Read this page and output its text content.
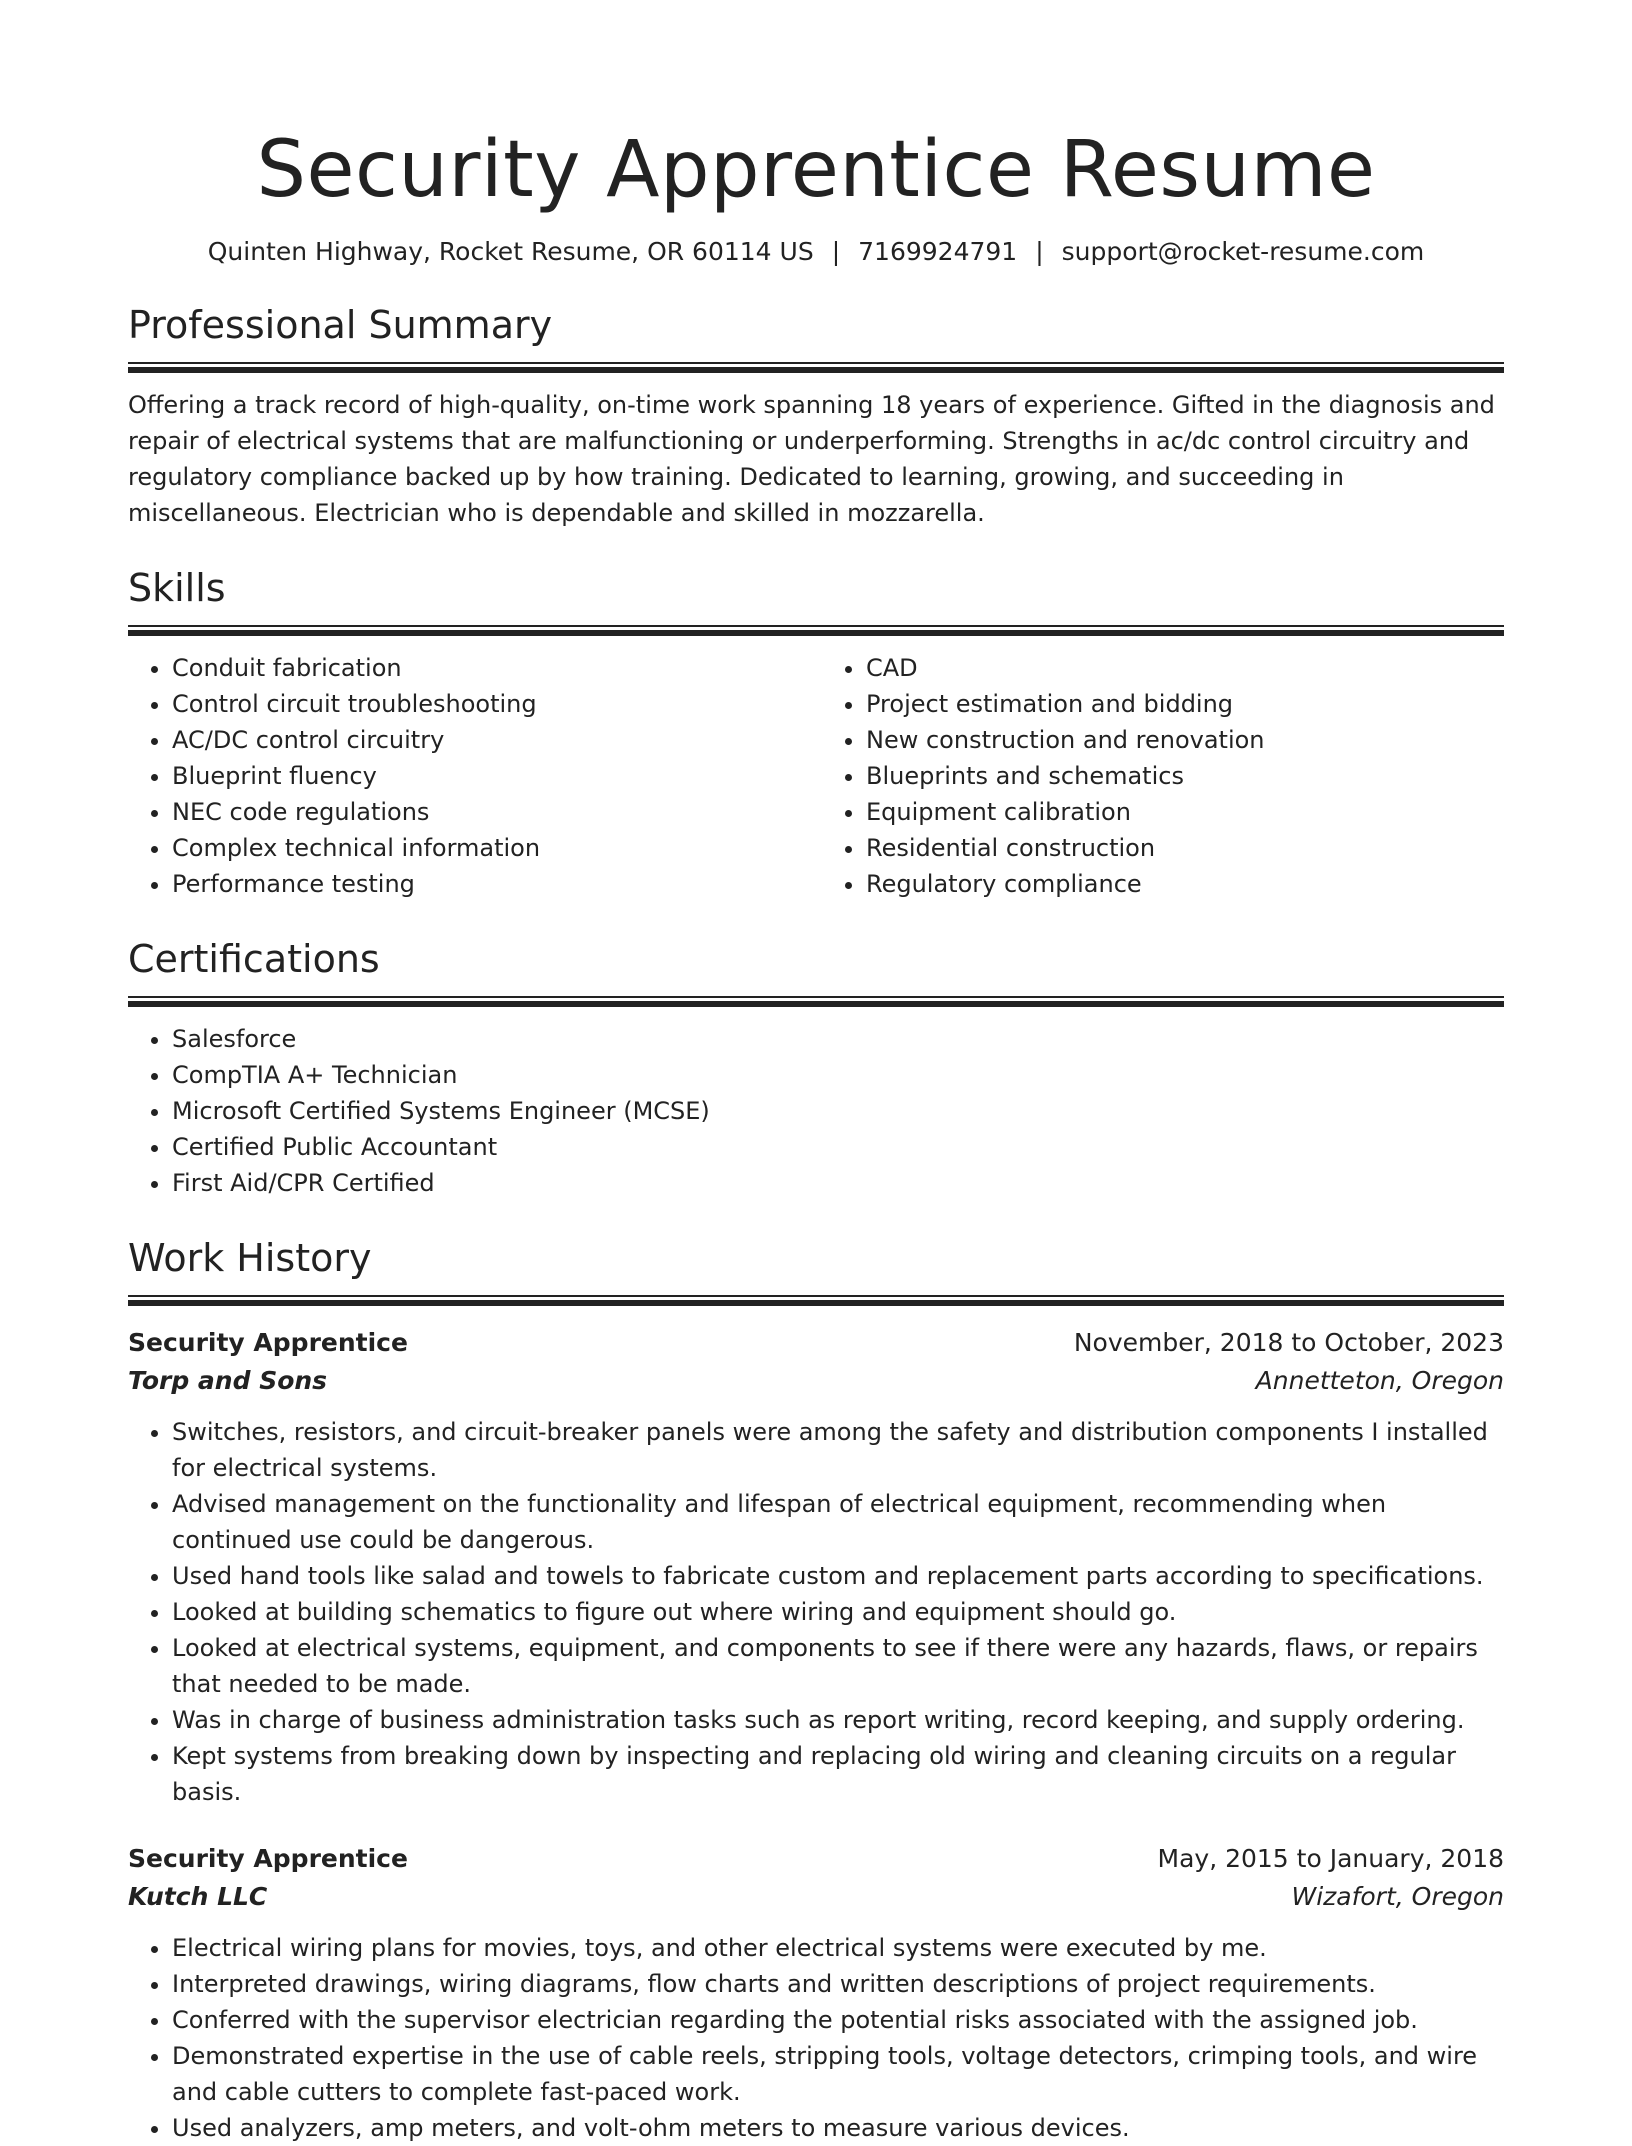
Security Apprentice Resume
Quinten Highway, Rocket Resume, OR 60114 US | 7169924791 | support@rocket-resume.com
Professional Summary

Offering a track record of high-quality, on-time work spanning 18 years of experience. Gifted in the diagnosis and repair of electrical systems that are malfunctioning or underperforming. Strengths in ac/dc control circuitry and regulatory compliance backed up by how training. Dedicated to learning, growing, and succeeding in miscellaneous. Electrician who is dependable and skilled in mozzarella.

Skills
• Conduit fabrication
• Control circuit troubleshooting
• AC/DC control circuitry
• Blueprint fluency
• NEC code regulations
• Complex technical information
• Performance testing
• CAD
• Project estimation and bidding
• New construction and renovation
• Blueprints and schematics
• Equipment calibration
• Residential construction
• Regulatory compliance
Certifications
• Salesforce
• CompTIA A+ Technician
• Microsoft Certified Systems Engineer (MCSE)
• Certified Public Accountant
• First Aid/CPR Certified
Work History
Security Apprentice	November, 2018 to October, 2023
Torp and Sons	Annetteton, Oregon
• Switches, resistors, and circuit-breaker panels were among the safety and distribution components I installed for electrical systems.
• Advised management on the functionality and lifespan of electrical equipment, recommending when continued use could be dangerous.
• Used hand tools like salad and towels to fabricate custom and replacement parts according to specifications.
• Looked at building schematics to figure out where wiring and equipment should go.
• Looked at electrical systems, equipment, and components to see if there were any hazards, flaws, or repairs that needed to be made.
• Was in charge of business administration tasks such as report writing, record keeping, and supply ordering.
• Kept systems from breaking down by inspecting and replacing old wiring and cleaning circuits on a regular basis.
Security Apprentice	May, 2015 to January, 2018
Kutch LLC	Wizafort, Oregon
• Electrical wiring plans for movies, toys, and other electrical systems were executed by me.
• Interpreted drawings, wiring diagrams, flow charts and written descriptions of project requirements.
• Conferred with the supervisor electrician regarding the potential risks associated with the assigned job.
• Demonstrated expertise in the use of cable reels, stripping tools, voltage detectors, crimping tools, and wire and cable cutters to complete fast-paced work.
• Used analyzers, amp meters, and volt-ohm meters to measure various devices.
